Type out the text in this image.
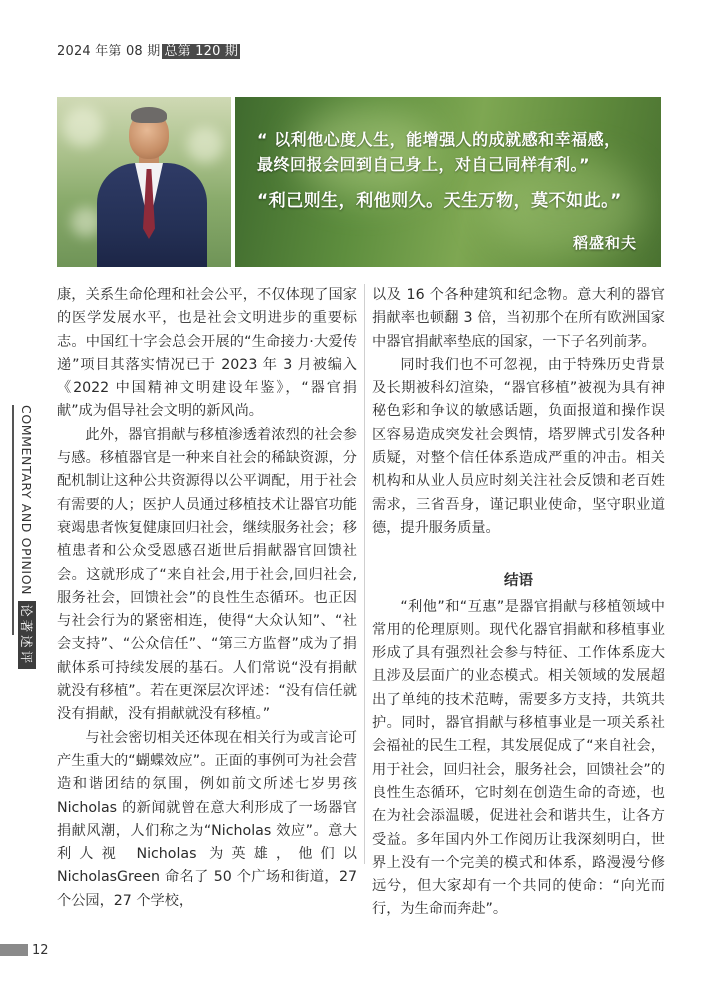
2024 年第 08 期 总第 120 期
“ 以利他心度人生，能增强人的成就感和幸福感，
最终回报会回到自己身上，对自己同样有利。”
“利己则生，利他则久。天生万物，莫不如此。”
稻盛和夫
COMMENTARY AND OPINION论著述评

康，关系生命伦理和社会公平，不仅体现了国家的医学发展水平，也是社会文明进步的重要标志。中国红十字会总会开展的“生命接力·大爱传递”项目其落实情况已于 2023 年 3 月被编入《2022 中国精神文明建设年鉴》，“器官捐献”成为倡导社会文明的新风尚。

此外，器官捐献与移植渗透着浓烈的社会参与感。移植器官是一种来自社会的稀缺资源，分配机制让这种公共资源得以公平调配，用于社会有需要的人；医护人员通过移植技术让器官功能衰竭患者恢复健康回归社会，继续服务社会；移植患者和公众受恩感召逝世后捐献器官回馈社会。这就形成了“来自社会,用于社会,回归社会,服务社会，回馈社会”的良性生态循环。也正因与社会行为的紧密相连，使得“大众认知”、“社会支持”、“公众信任”、“第三方监督”成为了捐献体系可持续发展的基石。人们常说“没有捐献就没有移植”。若在更深层次评述：“没有信任就没有捐献，没有捐献就没有移植。”

与社会密切相关还体现在相关行为或言论可产生重大的“蝴蝶效应”。正面的事例可为社会营造和谐团结的氛围，例如前文所述七岁男孩 Nicholas 的新闻就曾在意大利形成了一场器官捐献风潮，人们称之为“Nicholas 效应”。意大利人视 Nicholas 为英雄，他们以 NicholasGreen 命名了 50 个广场和街道，27 个公园，27 个学校，

以及 16 个各种建筑和纪念物。意大利的器官捐献率也顿翻 3 倍，当初那个在所有欧洲国家中器官捐献率垫底的国家，一下子名列前茅。

同时我们也不可忽视，由于特殊历史背景及长期被科幻渲染，“器官移植”被视为具有神秘色彩和争议的敏感话题，负面报道和操作误区容易造成突发社会舆情，塔罗牌式引发各种质疑，对整个信任体系造成严重的冲击。相关机构和从业人员应时刻关注社会反馈和老百姓需求，三省吾身，谨记职业使命，坚守职业道德，提升服务质量。

结语

“利他”和“互惠”是器官捐献与移植领域中常用的伦理原则。现代化器官捐献和移植事业形成了具有强烈社会参与特征、工作体系庞大且涉及层面广的业态模式。相关领域的发展超出了单纯的技术范畴，需要多方支持，共筑共护。同时，器官捐献与移植事业是一项关系社会福祉的民生工程，其发展促成了“来自社会，用于社会，回归社会，服务社会，回馈社会”的良性生态循环，它时刻在创造生命的奇迹，也在为社会添温暖，促进社会和谐共生，让各方受益。多年国内外工作阅历让我深刻明白，世界上没有一个完美的模式和体系，路漫漫兮修远兮，但大家却有一个共同的使命：“向光而行，为生命而奔赴”。

12
